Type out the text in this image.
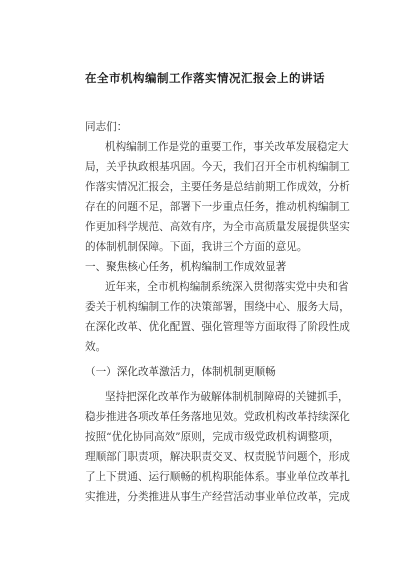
在全市机构编制工作落实情况汇报会上的讲话
同志们：
机构编制工作是党的重要工作，事关改革发展稳定大
局，关乎执政根基巩固。今天，我们召开全市机构编制工
作落实情况汇报会，主要任务是总结前期工作成效，分析
存在的问题不足，部署下一步重点任务，推动机构编制工
作更加科学规范、高效有序，为全市高质量发展提供坚实
的体制机制保障。下面，我讲三个方面的意见。
一、聚焦核心任务，机构编制工作成效显著
近年来，全市机构编制系统深入贯彻落实党中央和省
委关于机构编制工作的决策部署，围绕中心、服务大局，
在深化改革、优化配置、强化管理等方面取得了阶段性成
效。
（一）深化改革激活力，体制机制更顺畅
坚持把深化改革作为破解体制机制障碍的关键抓手，
稳步推进各项改革任务落地见效。党政机构改革持续深化
按照“优化协同高效”原则，完成市级党政机构调整项，
理顺部门职责项，解决职责交叉、权责脱节问题个，形成
了上下贯通、运行顺畅的机构职能体系。事业单位改革扎
实推进，分类推进从事生产经营活动事业单位改革，完成
